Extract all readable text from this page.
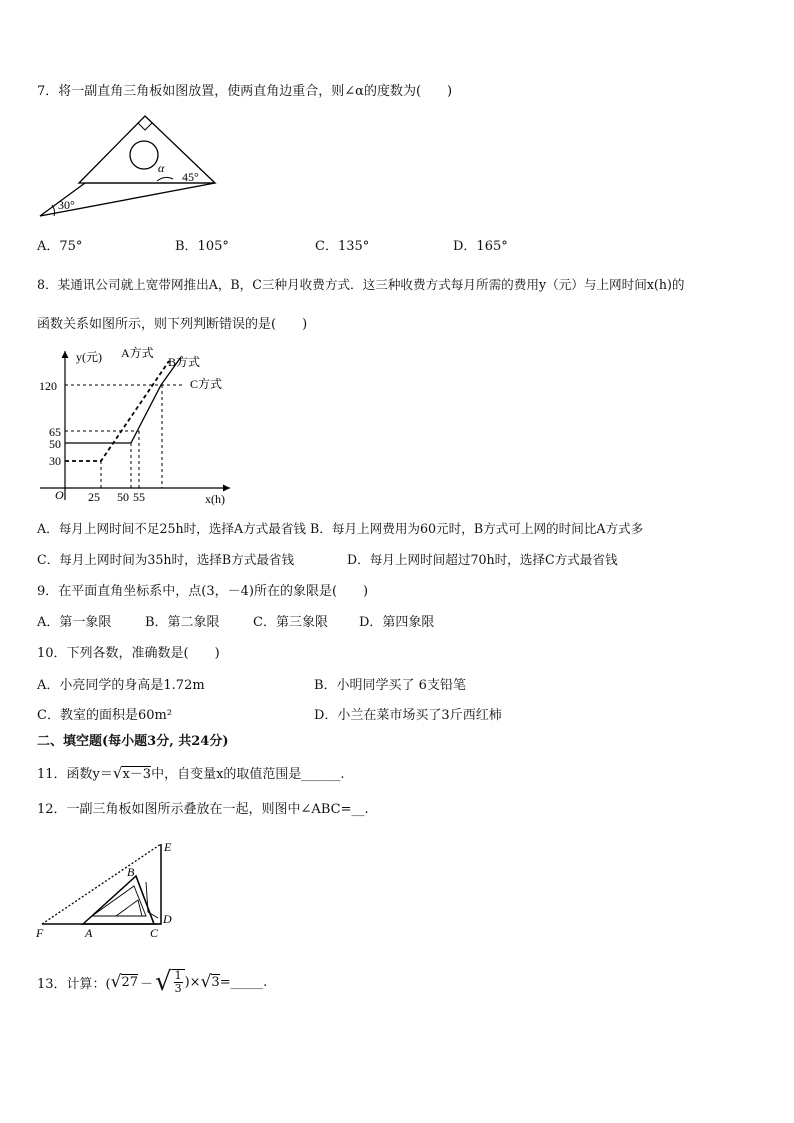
7．将一副直角三角板如图放置，使两直角边重合，则∠α的度数为(　　)
α
45°
30°
A．75°	B．105°	C．135°	D．165°
8．某通讯公司就上宽带网推出A，B，C三种月收费方式．这三种收费方式每月所需的费用y（元）与上网时间x(h)的
函数关系如图所示，则下列判断错误的是(　　)
y(元)
x(h)
O
120
65
50
30
25 50 55
A方式
B方式
C方式
A．每月上网时间不足25h时，选择A方式最省钱 B．每月上网费用为60元时，B方式可上网的时间比A方式多
C．每月上网时间为35h时，选择B方式最省钱	D．每月上网时间超过70h时，选择C方式最省钱
9．在平面直角坐标系中，点(3，－4)所在的象限是(　　)
A．第一象限	B．第二象限	C．第三象限 D．第四象限
10．下列各数，准确数是(　　)
A．小亮同学的身高是1.72m	B．小明同学买了 6支铅笔
C．教室的面积是60m²	D．小兰在菜市场买了3斤西红柿
二、填空题(每小题3分, 共24分)
11．函数y＝√x－3中，自变量x的取值范围是______.
12．一副三角板如图所示叠放在一起，则图中∠ABC=__.
E
B
D
F	A	C
13．计算：( √ 27 － √ $\frac{1}{3}$ )× √ 3 =_____.
